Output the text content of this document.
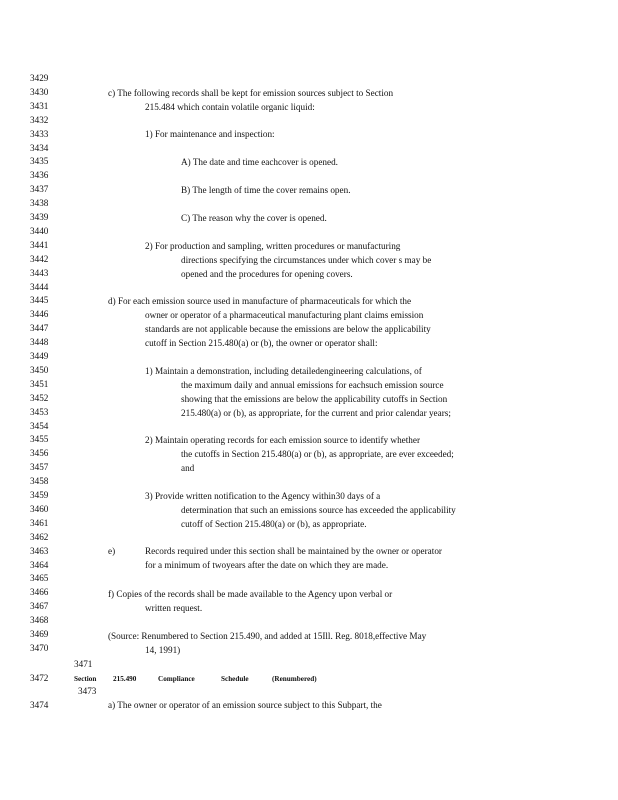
3429
3430
3431
3432
3433
3434
3435
3436
3437
3438
3439
3440
3441
3442
3443
3444
3445
3446
3447
3448
3449
3450
3451
3452
3453
3454
3455
3456
3457
3458
3459
3460
3461
3462
3463
3464
3465
3466
3467
3468
3469
3470
3471
3472
3473
3474
c) The following records shall be kept for emission sources subject to Section
215.484 which contain volatile organic liquid:
1) For maintenance and inspection:
A) The date and time eachcover is opened.
B) The length of time the cover remains open.
C) The reason why the cover is opened.
2) For production and sampling, written procedures or manufacturing
directions specifying the circumstances under which cover s may be
opened and the procedures for opening covers.
d) For each emission source used in manufacture of pharmaceuticals for which the
owner or operator of a pharmaceutical manufacturing plant claims emission
standards are not applicable because the emissions are below the applicability
cutoff in Section 215.480(a) or (b), the owner or operator shall:
1) Maintain a demonstration, including detailedengineering calculations, of
the maximum daily and annual emissions for eachsuch emission source
showing that the emissions are below the applicability cutoffs in Section
215.480(a) or (b), as appropriate, for the current and prior calendar years;
2) Maintain operating records for each emission source to identify whether
the cutoffs in Section 215.480(a) or (b), as appropriate, are ever exceeded;
and
3) Provide written notification to the Agency within30 days of a
determination that such an emissions source has exceeded the applicability
cutoff of Section 215.480(a) or (b), as appropriate.
e)	Records required under this section shall be maintained by the owner or operator
for a minimum of twoyears after the date on which they are made.
f) Copies of the records shall be made available to the Agency upon verbal or
written request.
(Source: Renumbered to Section 215.490, and added at 15Ill. Reg. 8018,effective May
14, 1991)
Section 215.490	Compliance	Schedule	(Renumbered)
a) The owner or operator of an emission source subject to this Subpart, the
